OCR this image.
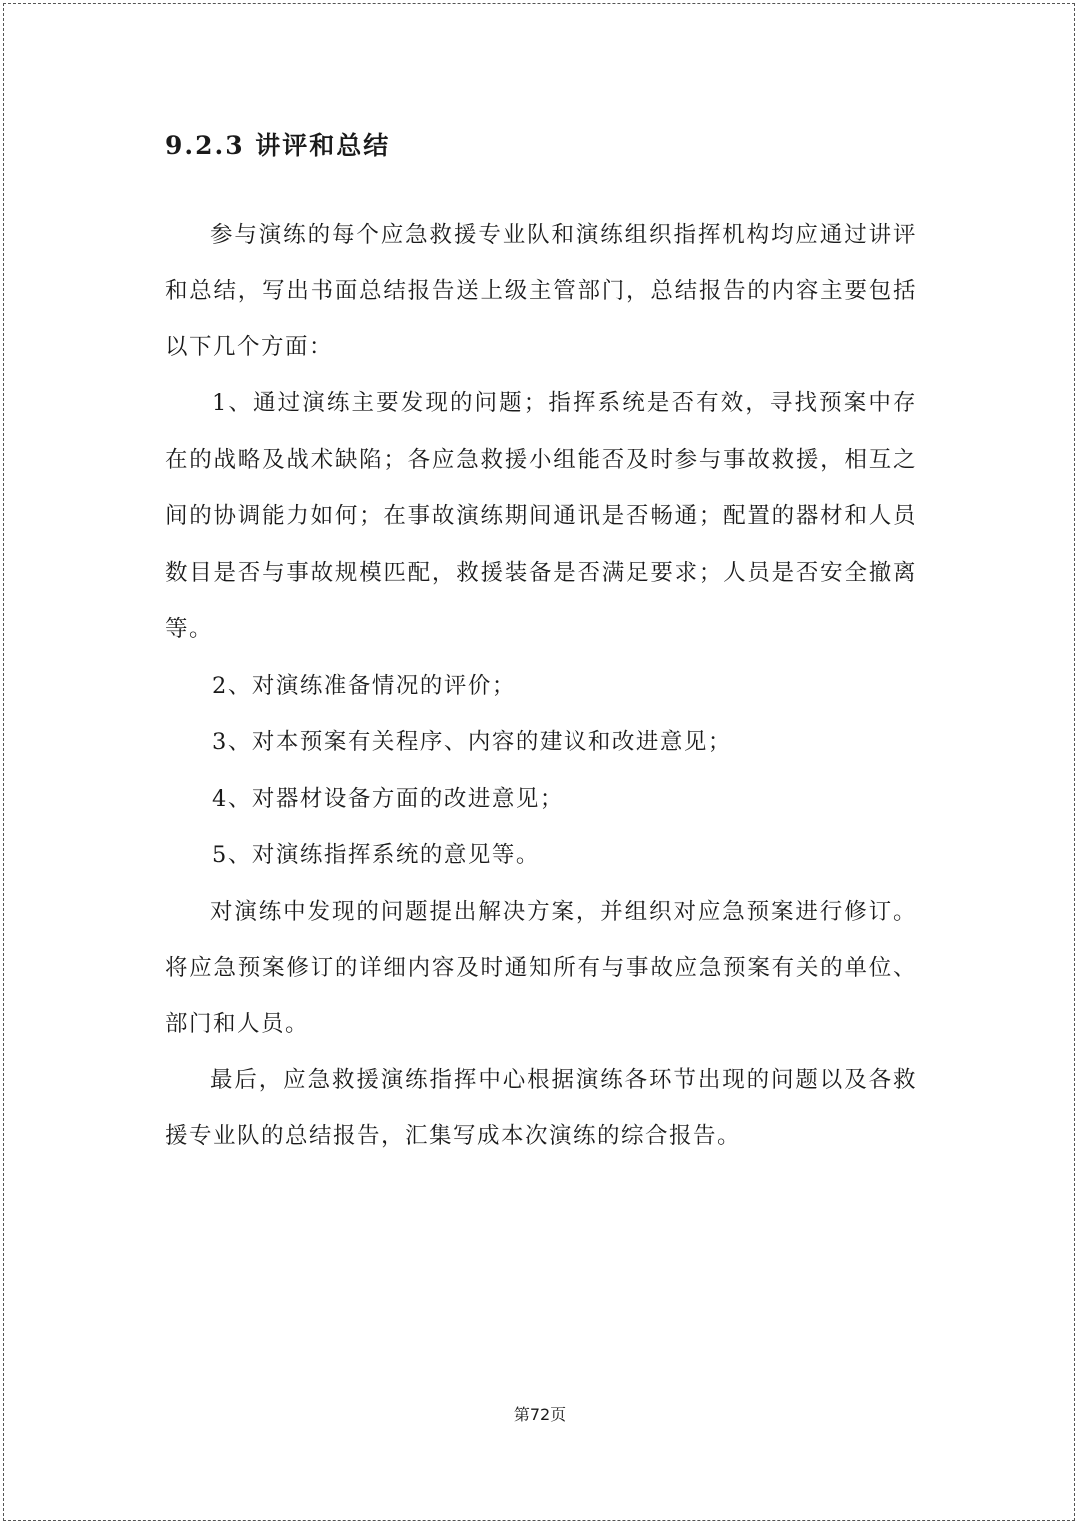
9.2.3 讲评和总结

参与演练的每个应急救援专业队和演练组织指挥机构均应通过讲评和总结，写出书面总结报告送上级主管部门，总结报告的内容主要包括以下几个方面：

1、通过演练主要发现的问题；指挥系统是否有效，寻找预案中存在的战略及战术缺陷；各应急救援小组能否及时参与事故救援，相互之间的协调能力如何；在事故演练期间通讯是否畅通；配置的器材和人员数目是否与事故规模匹配，救援装备是否满足要求；人员是否安全撤离等。

2、对演练准备情况的评价；

3、对本预案有关程序、内容的建议和改进意见；

4、对器材设备方面的改进意见；

5、对演练指挥系统的意见等。

对演练中发现的问题提出解决方案，并组织对应急预案进行修订。将应急预案修订的详细内容及时通知所有与事故应急预案有关的单位、部门和人员。

最后，应急救援演练指挥中心根据演练各环节出现的问题以及各救援专业队的总结报告，汇集写成本次演练的综合报告。

第72页
